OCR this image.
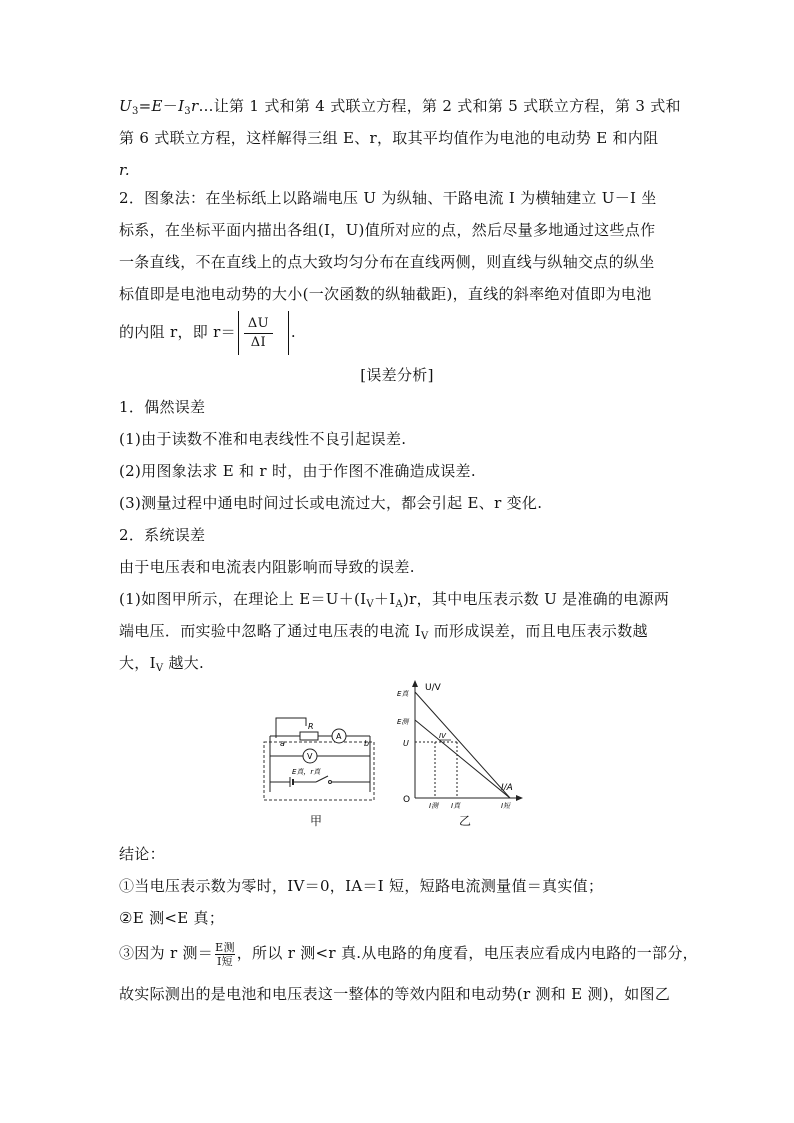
$U_3=E-I_3r\dots$让第 1 式和第 4 式联立方程，第 2 式和第 5 式联立方程，第 3 式和
第 6 式联立方程，这样解得三组 E、r，取其平均值作为电池的电动势 E 和内阻
r.
2．图象法：在坐标纸上以路端电压 U 为纵轴、干路电流 I 为横轴建立 U－I 坐
标系，在坐标平面内描出各组(I，U)值所对应的点，然后尽量多地通过这些点作
一条直线，不在直线上的点大致均匀分布在直线两侧，则直线与纵轴交点的纵坐
标值即是电池电动势的大小(一次函数的纵轴截距)，直线的斜率绝对值即为电池
的内阻 r，即 $r= \frac{\Delta U}{\Delta I}$ .
[误差分析]
1．偶然误差
(1)由于读数不准和电表线性不良引起误差.
(2)用图象法求 E 和 r 时，由于作图不准确造成误差.
(3)测量过程中通电时间过长或电流过大，都会引起 E、r 变化.
2．系统误差
由于电压表和电流表内阻影响而导致的误差.
(1)如图甲所示，在理论上 $E=U+(I_V+I_A)r$，其中电压表示数 U 是准确的电源两
端电压．而实验中忽略了通过电压表的电流 $I_V$ 而形成误差，而且电压表示数越
大，$I_V$ 越大.
R
A
a	b
V
E真，r真
甲
U/V
I/A
O
E真
E测
U
IV
I测 I真	I短
乙
结论：
①当电压表示数为零时，IV＝0，IA＝I 短，短路电流测量值＝真实值；
②E 测<E 真；
③因为 r 测＝ $\frac{\text{E测}}{\text{I短}}$ ，所以 r 测<r 真.从电路的角度看，电压表应看成内电路的一部分，
故实际测出的是电池和电压表这一整体的等效内阻和电动势(r 测和 E 测)，如图乙
